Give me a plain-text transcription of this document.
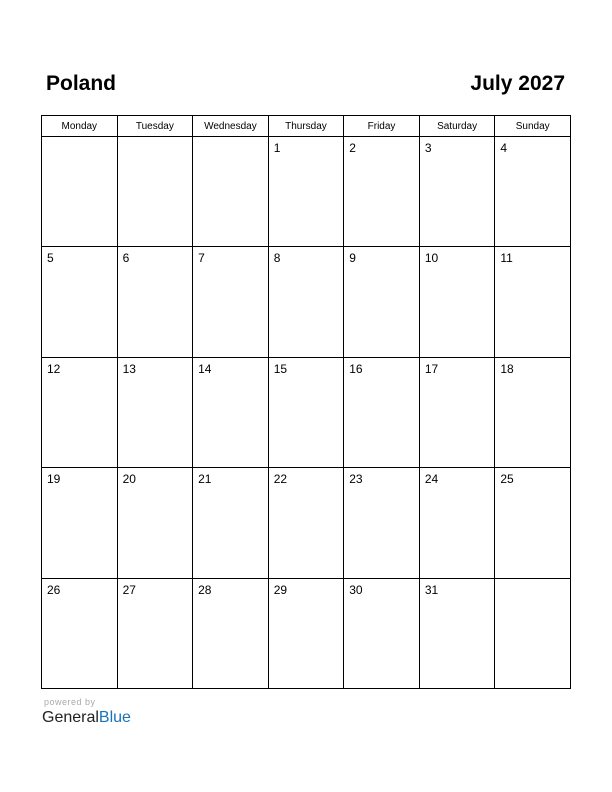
Poland	July 2027
Monday	Tuesday	Wednesday	Thursday	Friday	Saturday	Sunday

			1	2	3	4

5	6	7	8	9	10	11

12	13	14	15	16	17	18

19	20	21	22	23	24	25

26	27	28	29	30	31	

powered by
GeneralBlue
